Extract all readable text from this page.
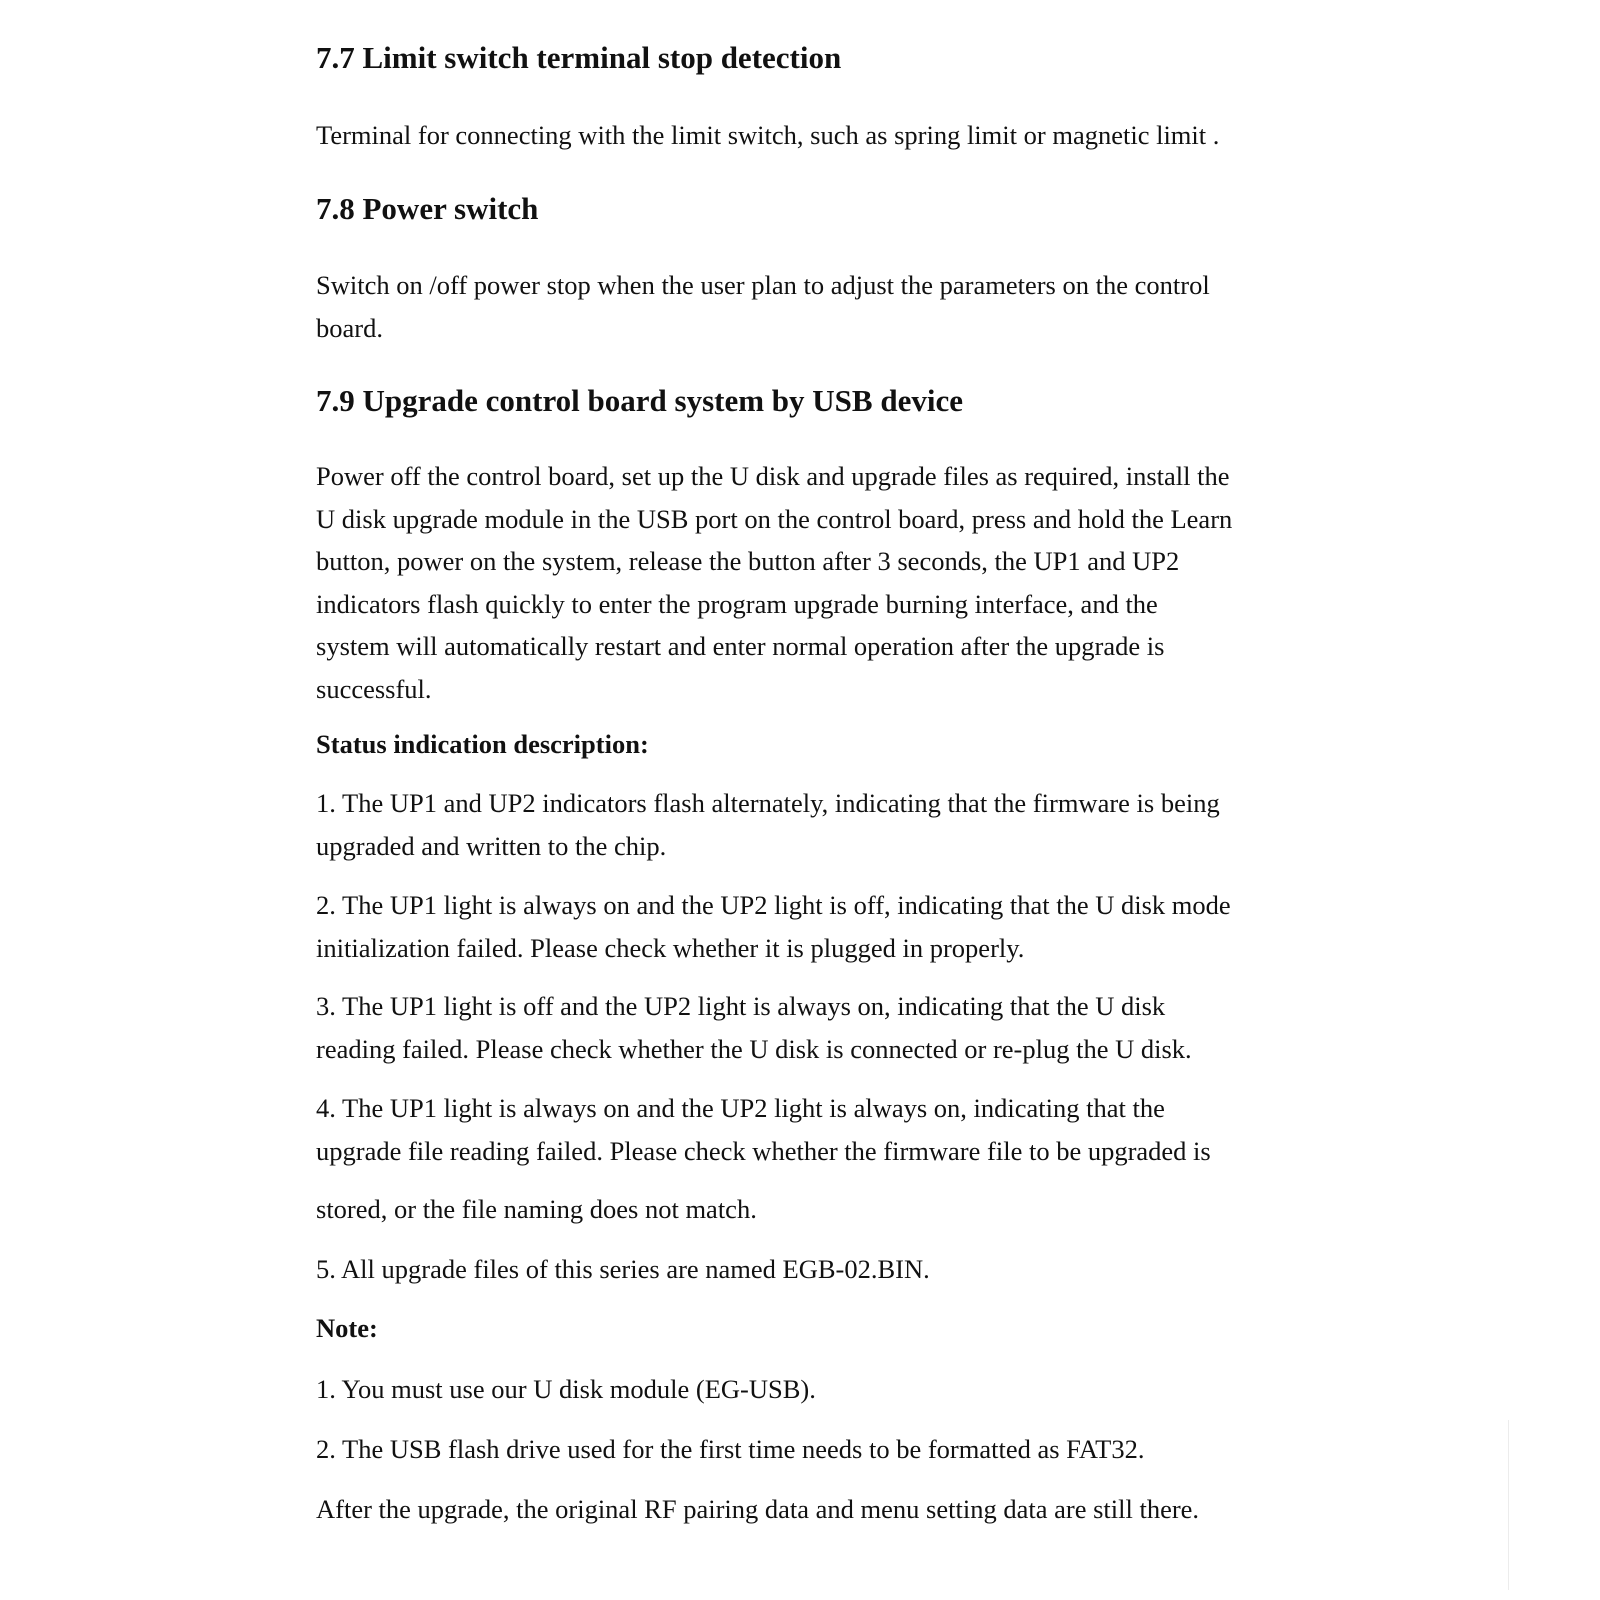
7.7 Limit switch terminal stop detection

Terminal for connecting with the limit switch, such as spring limit or magnetic limit .

7.8 Power switch
Switch on /off power stop when the user plan to adjust the parameters on the control
board.
7.9 Upgrade control board system by USB device
Power off the control board, set up the U disk and upgrade files as required, install the
U disk upgrade module in the USB port on the control board, press and hold the Learn
button, power on the system, release the button after 3 seconds, the UP1 and UP2
indicators flash quickly to enter the program upgrade burning interface, and the
system will automatically restart and enter normal operation after the upgrade is
successful.
Status indication description:
1. The UP1 and UP2 indicators flash alternately, indicating that the firmware is being
upgraded and written to the chip.
2. The UP1 light is always on and the UP2 light is off, indicating that the U disk mode
initialization failed. Please check whether it is plugged in properly.
3. The UP1 light is off and the UP2 light is always on, indicating that the U disk
reading failed. Please check whether the U disk is connected or re-plug the U disk.
4. The UP1 light is always on and the UP2 light is always on, indicating that the
upgrade file reading failed. Please check whether the firmware file to be upgraded is

stored, or the file naming does not match.

5. All upgrade files of this series are named EGB-02.BIN.

Note:

1. You must use our U disk module (EG-USB).

2. The USB flash drive used for the first time needs to be formatted as FAT32.

After the upgrade, the original RF pairing data and menu setting data are still there.
